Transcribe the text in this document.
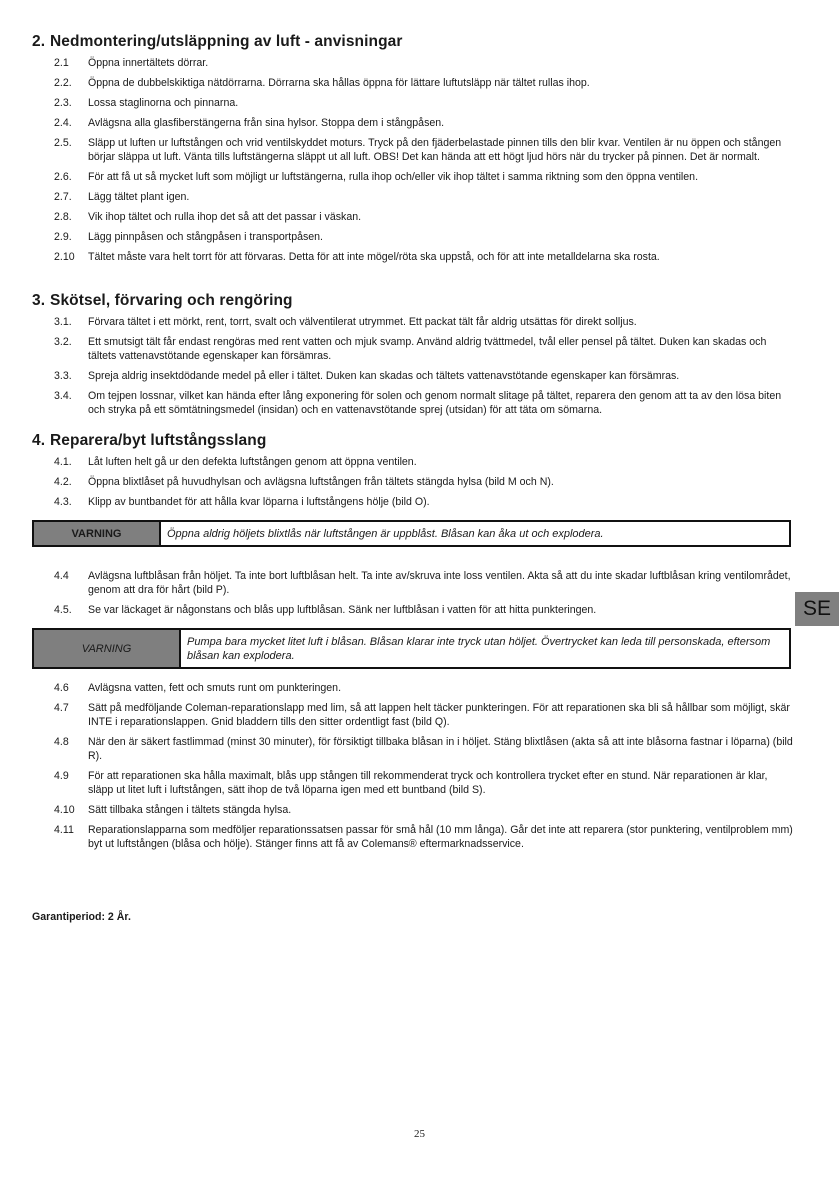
2. Nedmontering/utsläppning av luft - anvisningar
2.1 Öppna innertältets dörrar.
2.2. Öppna de dubbelskiktiga nätdörrarna. Dörrarna ska hållas öppna för lättare luftutsläpp när tältet rullas ihop.
2.3. Lossa staglinorna och pinnarna.
2.4. Avlägsna alla glasfiberstängerna från sina hylsor. Stoppa dem i stångpåsen.
2.5. Släpp ut luften ur luftstången och vrid ventilskyddet moturs. Tryck på den fjäderbelastade pinnen tills den blir kvar. Ventilen är nu öppen och stången börjar släppa ut luft. Vänta tills luftstängerna släppt ut all luft. OBS! Det kan hända att ett högt ljud hörs när du trycker på pinnen. Det är normalt.
2.6. För att få ut så mycket luft som möjligt ur luftstängerna, rulla ihop och/eller vik ihop tältet i samma riktning som den öppna ventilen.
2.7. Lägg tältet plant igen.
2.8. Vik ihop tältet och rulla ihop det så att det passar i väskan.
2.9. Lägg pinnpåsen och stångpåsen i transportpåsen.
2.10 Tältet måste vara helt torrt för att förvaras. Detta för att inte mögel/röta ska uppstå, och för att inte metalldelarna ska rosta.
3. Skötsel, förvaring och rengöring
3.1. Förvara tältet i ett mörkt, rent, torrt, svalt och välventilerat utrymmet. Ett packat tält får aldrig utsättas för direkt solljus.
3.2. Ett smutsigt tält får endast rengöras med rent vatten och mjuk svamp. Använd aldrig tvättmedel, tvål eller pensel på tältet. Duken kan skadas och tältets vattenavstötande egenskaper kan försämras.
3.3. Spreja aldrig insektdödande medel på eller i tältet. Duken kan skadas och tältets vattenavstötande egenskaper kan försämras.
3.4. Om tejpen lossnar, vilket kan hända efter lång exponering för solen och genom normalt slitage på tältet, reparera den genom att ta av den lösa biten och stryka på ett sömtätningsmedel (insidan) och en vattenavstötande sprej (utsidan) för att täta om sömarna.
4. Reparera/byt luftstångsslang
4.1. Låt luften helt gå ur den defekta luftstången genom att öppna ventilen.
4.2. Öppna blixtlåset på huvudhylsan och avlägsna luftstången från tältets stängda hylsa (bild M och N).
4.3. Klipp av buntbandet för att hålla kvar löparna i luftstångens hölje (bild O).
VARNING	Öppna aldrig höljets blixtlås när luftstången är uppblåst. Blåsan kan åka ut och explodera.
4.4 Avlägsna luftblåsan från höljet. Ta inte bort luftblåsan helt. Ta inte av/skruva inte loss ventilen. Akta så att du inte skadar luftblåsan kring ventilområdet, genom att dra för hårt (bild P).
4.5. Se var läckaget är någonstans och blås upp luftblåsan. Sänk ner luftblåsan i vatten för att hitta punkteringen.
VARNING
Pumpa bara mycket litet luft i blåsan. Blåsan klarar inte tryck utan höljet. Övertrycket kan leda till personskada, eftersom blåsan kan explodera.
4.6 Avlägsna vatten, fett och smuts runt om punkteringen.
4.7 Sätt på medföljande Coleman-reparationslapp med lim, så att lappen helt täcker punkteringen. För att reparationen ska bli så hållbar som möjligt, skär INTE i reparationslappen. Gnid bladdern tills den sitter ordentligt fast (bild Q).
4.8 När den är säkert fastlimmad (minst 30 minuter), för försiktigt tillbaka blåsan in i höljet. Stäng blixtlåsen (akta så att inte blåsorna fastnar i löparna) (bild R).
4.9 För att reparationen ska hålla maximalt, blås upp stången till rekommenderat tryck och kontrollera trycket efter en stund. När reparationen är klar, släpp ut litet luft i luftstången, sätt ihop de två löparna igen med ett buntband (bild S).
4.10 Sätt tillbaka stången i tältets stängda hylsa.
4.11 Reparationslapparna som medföljer reparationssatsen passar för små hål (10 mm långa). Går det inte att reparera (stor punktering, ventilproblem mm) byt ut luftstången (blåsa och hölje). Stänger finns att få av Colemans® eftermarknadsservice.
SE
Garantiperiod: 2 År.
25
